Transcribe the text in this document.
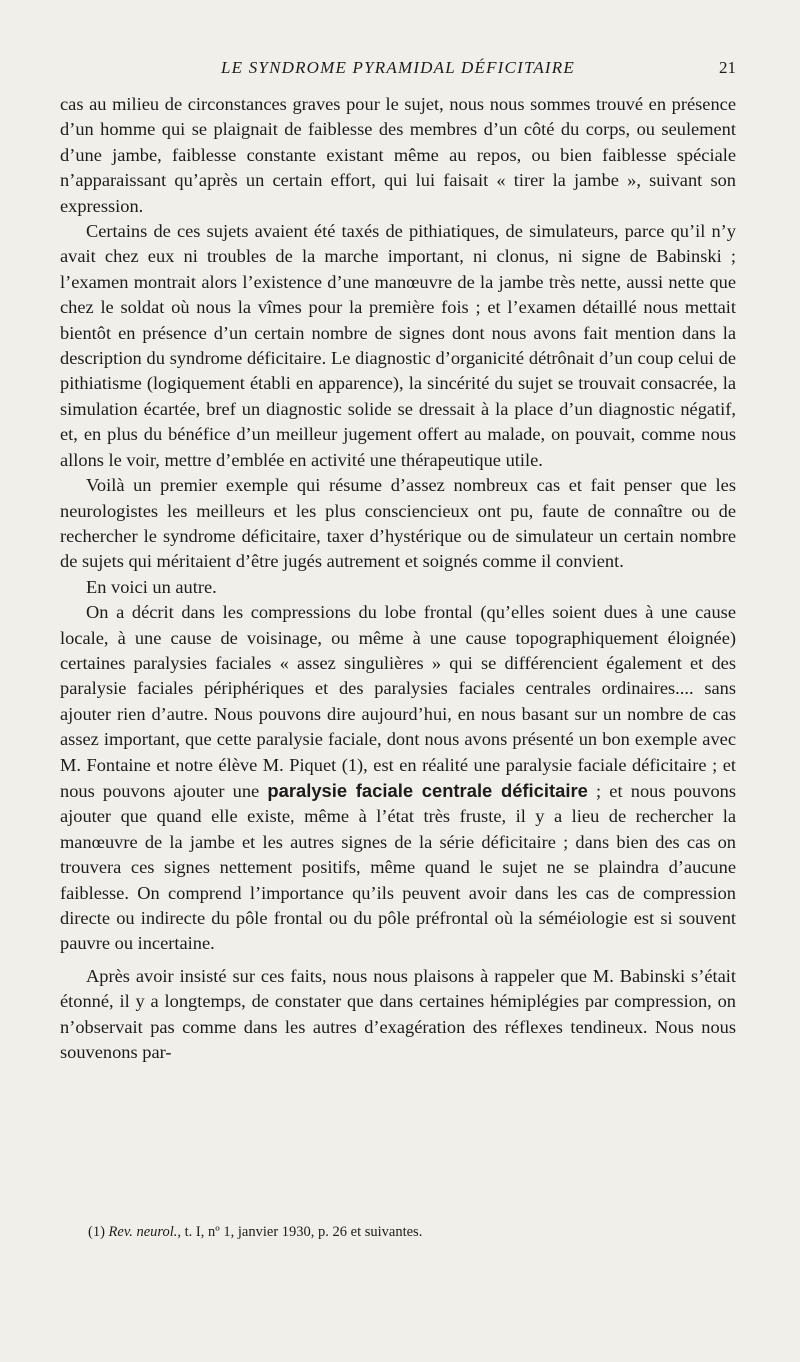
LE SYNDROME PYRAMIDAL DÉFICITAIRE	21

cas au milieu de circonstances graves pour le sujet, nous nous sommes trouvé en présence d’un homme qui se plaignait de faiblesse des membres d’un côté du corps, ou seulement d’une jambe, faiblesse constante existant même au repos, ou bien faiblesse spéciale n’apparaissant qu’après un certain effort, qui lui faisait « tirer la jambe », suivant son expression.

Certains de ces sujets avaient été taxés de pithiatiques, de simulateurs, parce qu’il n’y avait chez eux ni troubles de la marche important, ni clonus, ni signe de Babinski ; l’examen montrait alors l’existence d’une manœuvre de la jambe très nette, aussi nette que chez le soldat où nous la vîmes pour la première fois ; et l’examen détaillé nous mettait bientôt en présence d’un certain nombre de signes dont nous avons fait mention dans la description du syndrome déficitaire. Le diagnostic d’organicité détrônait d’un coup celui de pithiatisme (logiquement établi en apparence), la sincérité du sujet se trouvait consacrée, la simulation écartée, bref un diagnostic solide se dressait à la place d’un diagnostic négatif, et, en plus du bénéfice d’un meilleur jugement offert au malade, on pouvait, comme nous allons le voir, mettre d’emblée en activité une thérapeutique utile.

Voilà un premier exemple qui résume d’assez nombreux cas et fait penser que les neurologistes les meilleurs et les plus consciencieux ont pu, faute de connaître ou de rechercher le syndrome déficitaire, taxer d’hystérique ou de simulateur un certain nombre de sujets qui méritaient d’être jugés autrement et soignés comme il convient.

En voici un autre.

On a décrit dans les compressions du lobe frontal (qu’elles soient dues à une cause locale, à une cause de voisinage, ou même à une cause topographiquement éloignée) certaines paralysies faciales « assez singulières » qui se différencient également et des paralysie faciales périphériques et des paralysies faciales centrales ordinaires.... sans ajouter rien d’autre. Nous pouvons dire aujourd’hui, en nous basant sur un nombre de cas assez important, que cette paralysie faciale, dont nous avons présenté un bon exemple avec M. Fontaine et notre élève M. Piquet (1), est en réalité une paralysie faciale déficitaire ; et nous pouvons ajouter une paralysie faciale centrale déficitaire ; et nous pouvons ajouter que quand elle existe, même à l’état très fruste, il y a lieu de rechercher la manœuvre de la jambe et les autres signes de la série déficitaire ; dans bien des cas on trouvera ces signes nettement positifs, même quand le sujet ne se plaindra d’aucune faiblesse. On comprend l’importance qu’ils peuvent avoir dans les cas de compression directe ou indirecte du pôle frontal ou du pôle préfrontal où la séméiologie est si souvent pauvre ou incertaine.

Après avoir insisté sur ces faits, nous nous plaisons à rappeler que M. Babinski s’était étonné, il y a longtemps, de constater que dans certaines hémiplégies par compression, on n’observait pas comme dans les autres d’exagération des réflexes tendineux. Nous nous souvenons par-

(1) Rev. neurol., t. I, nº 1, janvier 1930, p. 26 et suivantes.
